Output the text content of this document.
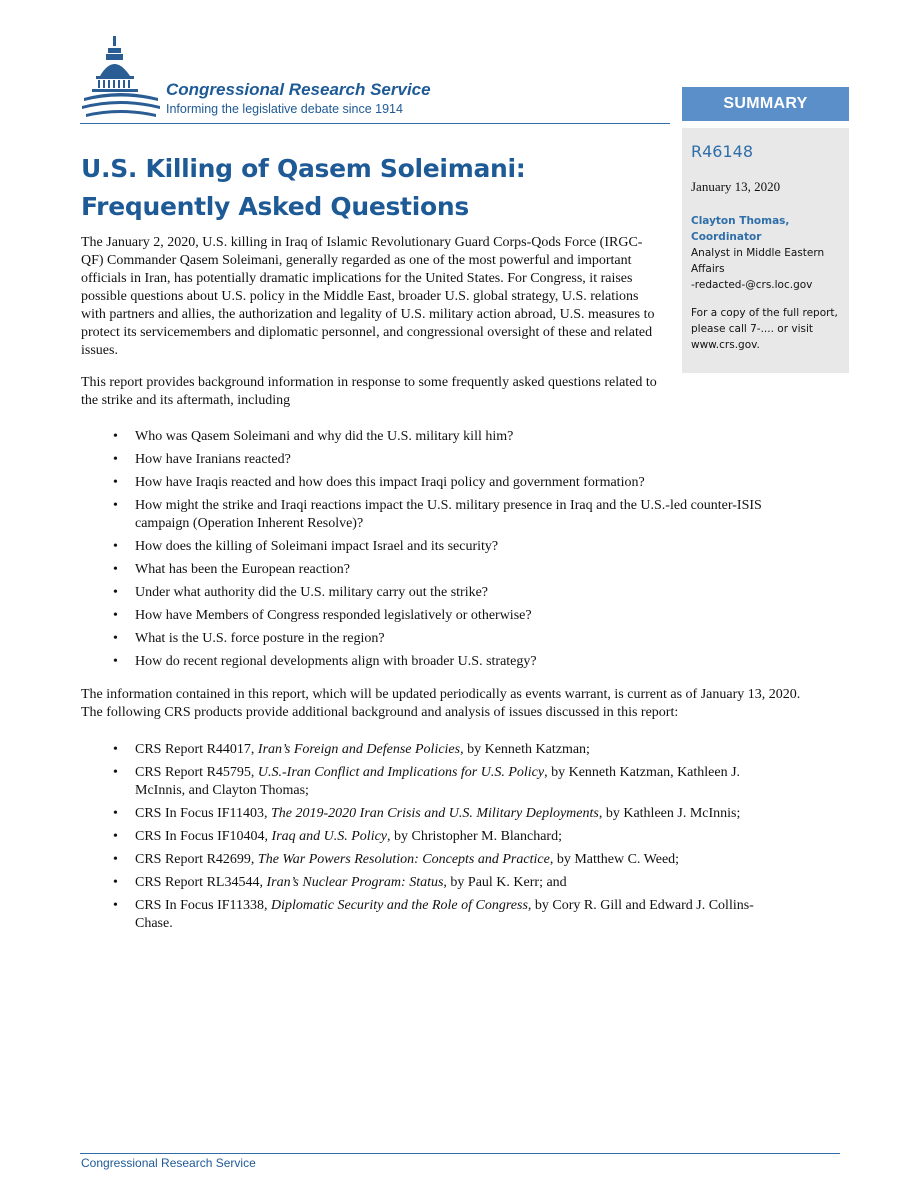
Congressional Research Service
Informing the legislative debate since 1914	SUMMARY
R46148
January 13, 2020
Clayton Thomas,
Coordinator
Analyst in Middle Eastern Affairs
-redacted-@crs.loc.gov
For a copy of the full report, please call 7-.... or visit www.crs.gov.
U.S. Killing of Qasem Soleimani: Frequently Asked Questions

The January 2, 2020, U.S. killing in Iraq of Islamic Revolutionary Guard Corps-Qods Force (IRGC-QF) Commander Qasem Soleimani, generally regarded as one of the most powerful and important officials in Iran, has potentially dramatic implications for the United States. For Congress, it raises possible questions about U.S. policy in the Middle East, broader U.S. global strategy, U.S. relations with partners and allies, the authorization and legality of U.S. military action abroad, U.S. measures to protect its servicemembers and diplomatic personnel, and congressional oversight of these and related issues.

This report provides background information in response to some frequently asked questions related to the strike and its aftermath, including

• Who was Qasem Soleimani and why did the U.S. military kill him?
• How have Iranians reacted?
• How have Iraqis reacted and how does this impact Iraqi policy and government formation?
• How might the strike and Iraqi reactions impact the U.S. military presence in Iraq and the U.S.-led counter-ISIS campaign (Operation Inherent Resolve)?
• How does the killing of Soleimani impact Israel and its security?
• What has been the European reaction?
• Under what authority did the U.S. military carry out the strike?
• How have Members of Congress responded legislatively or otherwise?
• What is the U.S. force posture in the region?
• How do recent regional developments align with broader U.S. strategy?

The information contained in this report, which will be updated periodically as events warrant, is current as of January 13, 2020. The following CRS products provide additional background and analysis of issues discussed in this report:

• CRS Report R44017, Iran’s Foreign and Defense Policies, by Kenneth Katzman;
• CRS Report R45795, U.S.-Iran Conflict and Implications for U.S. Policy, by Kenneth Katzman, Kathleen J. McInnis, and Clayton Thomas;
• CRS In Focus IF11403, The 2019-2020 Iran Crisis and U.S. Military Deployments, by Kathleen J. McInnis;
• CRS In Focus IF10404, Iraq and U.S. Policy, by Christopher M. Blanchard;
• CRS Report R42699, The War Powers Resolution: Concepts and Practice, by Matthew C. Weed;
• CRS Report RL34544, Iran’s Nuclear Program: Status, by Paul K. Kerr; and
• CRS In Focus IF11338, Diplomatic Security and the Role of Congress, by Cory R. Gill and Edward J. Collins-Chase.
Congressional Research Service
